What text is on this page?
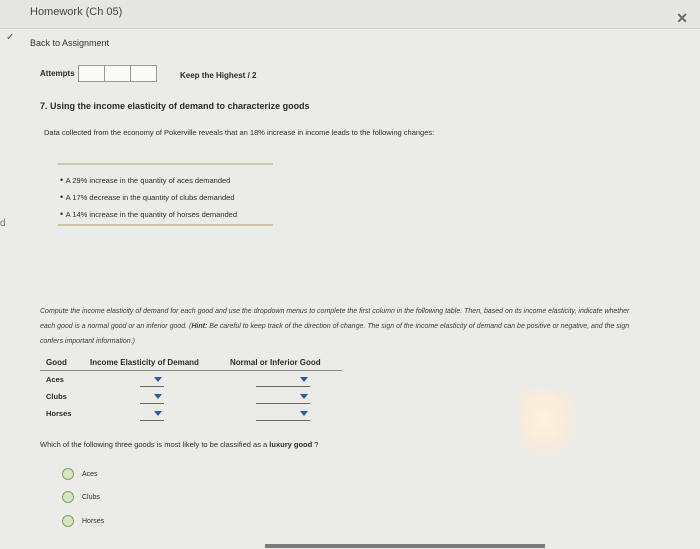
Homework (Ch 05)	✕
✓
d
Back to Assignment
Attempts	Keep the Highest / 2
7. Using the income elasticity of demand to characterize goods
Data collected from the economy of Pokerville reveals that an 18% increase in income leads to the following changes:
• A 29% increase in the quantity of aces demanded
• A 17% decrease in the quantity of clubs demanded
• A 14% increase in the quantity of horses demanded
Compute the income elasticity of demand for each good and use the dropdown menus to complete the first column in the following table. Then, based on its income elasticity, indicate whether each good is a normal good or an inferior good. (Hint: Be careful to keep track of the direction of change. The sign of the income elasticity of demand can be positive or negative, and the sign confers important information.)
Good	Income Elasticity of Demand	Normal or Inferior Good
Aces
Clubs
Horses
Which of the following three goods is most likely to be classified as a luxury good ?
Aces
Clubs
Horses
